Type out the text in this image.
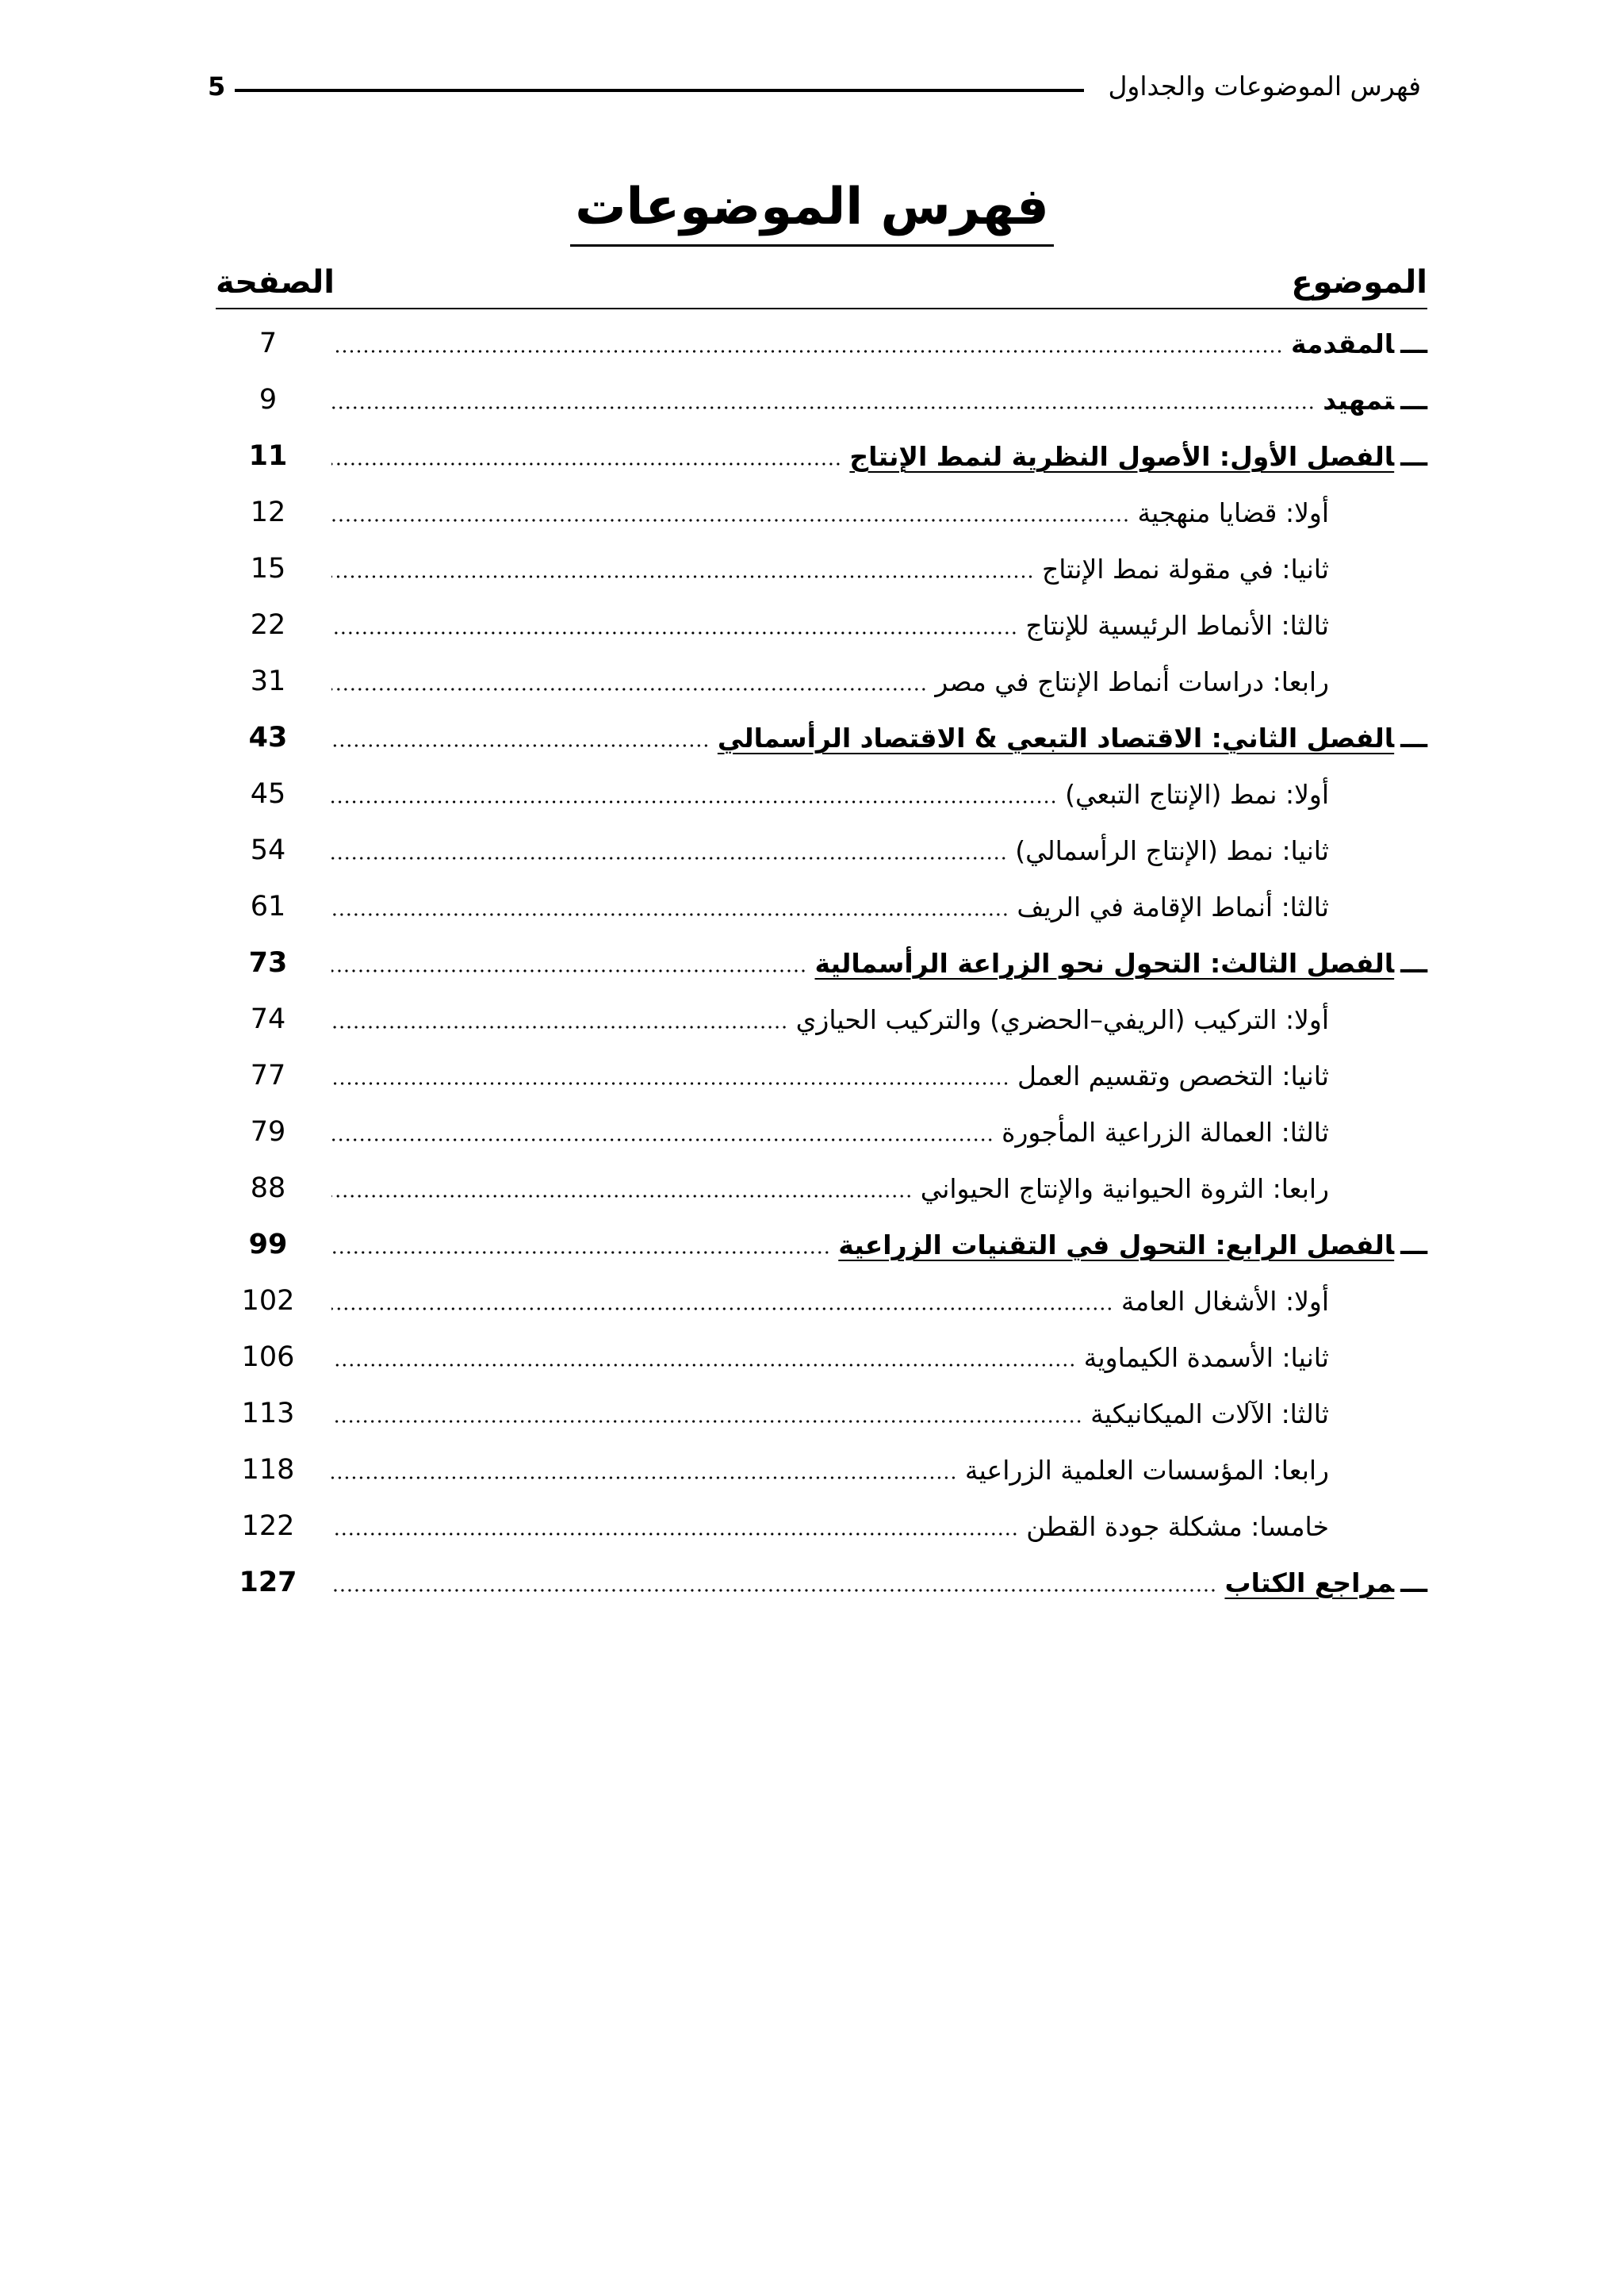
5	فهرس الموضوعات والجداول
فهرس الموضوعات
الموضوع
الصفحة
7	ـــالمقدمة
9	ـــتمهيد
11	ـــالفصل الأول: الأصول النظرية لنمط الإنتاج
12	أولا: قضايا منهجية
15	ثانيا: في مقولة نمط الإنتاج
22	ثالثا: الأنماط الرئيسية للإنتاج
31	رابعا: دراسات أنماط الإنتاج في مصر
43	ـــالفصل الثاني: الاقتصاد التبعي & الاقتصاد الرأسمالي
45	أولا: نمط (الإنتاج التبعي)
54	ثانيا: نمط (الإنتاج الرأسمالي)
61	ثالثا: أنماط الإقامة في الريف
73	ـــالفصل الثالث: التحول نحو الزراعة الرأسمالية
74	أولا: التركيب (الريفي–الحضري) والتركيب الحيازي
77	ثانيا: التخصص وتقسيم العمل
79	ثالثا: العمالة الزراعية المأجورة
88	رابعا: الثروة الحيوانية والإنتاج الحيواني
99	ـــالفصل الرابع: التحول في التقنيات الزراعية
102	أولا: الأشغال العامة
106	ثانيا: الأسمدة الكيماوية
113	ثالثا: الآلات الميكانيكية
118	رابعا: المؤسسات العلمية الزراعية
122	خامسا: مشكلة جودة القطن
127	ـــمراجع الكتاب
